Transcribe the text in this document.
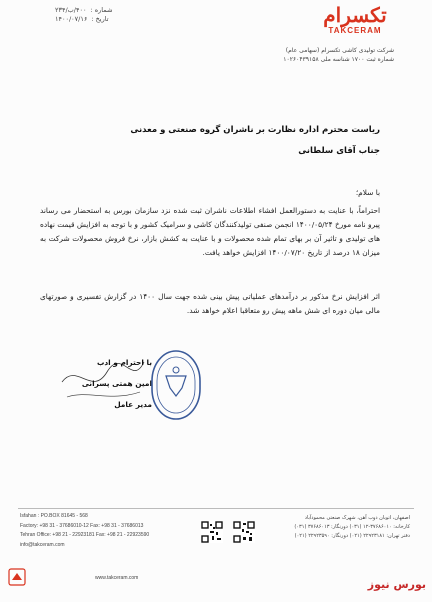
شماره :
۴۰۰/ب/۲۳۴
تاریخ :
۱۴۰۰/۰۷/۱۶	تکسرام
TAKCERAM
شرکت تولیدی کاشی تکسرام (سهامی عام)
شماره ثبت ۱۷۰۰ شناسه ملی ۱۰۲۶۰۴۳۹۱۵۸
ریاست محترم اداره نظارت بر ناشران گروه صنعتی و معدنی
جناب آقای سلطانی
با سلام؛
احتراماً، با عنایت به دستورالعمل افشاء اطلاعات ناشران ثبت شده نزد سازمان بورس به استحضار می رساند پیرو نامه مورخ ۱۴۰۰/۰۵/۲۴ انجمن صنفی تولیدکنندگان کاشی و سرامیک کشور و با توجه به افزایش قیمت نهاده های تولیدی و تاثیر آن بر بهای تمام شده محصولات و با عنایت به کشش بازار، نرخ فروش محصولات شرکت به میزان ۱۸ درصد از تاریخ ۱۴۰۰/۰۷/۲۰ افزایش خواهد یافت.
اثر افزایش نرخ مذکور بر درآمدهای عملیاتی پیش بینی شده جهت سال ۱۴۰۰ در گزارش تفسیری و صورتهای مالی میان دوره ای شش ماهه پیش رو متعاقبا اعلام خواهد شد.
با احترام و ادب
امین همتی پسرانی
مدیر عامل
Isfahan : PO.BOX 81645 - 568
Factory: +98 31 - 37686010-12 Fax: +98 31 - 37686013
Tehran Office: +98 21 - 22923181 Fax: +98 21 - 22923590
info@takceram.com
اصفهان، اتوبان ذوب آهن، شهرک صنعتی محمودآباد
کارخانه: ۳۷۶۸۶۰۱۰-۱۲ (۰۳۱) دورنگار: ۳۷۶۸۶۰۱۳ (۰۳۱)
دفتر تهران: ۲۲۹۲۳۱۸۱ (۰۲۱) دورنگار: ۲۲۹۲۳۵۹۰ (۰۲۱)
www.takceram.com	بورس نیوز
